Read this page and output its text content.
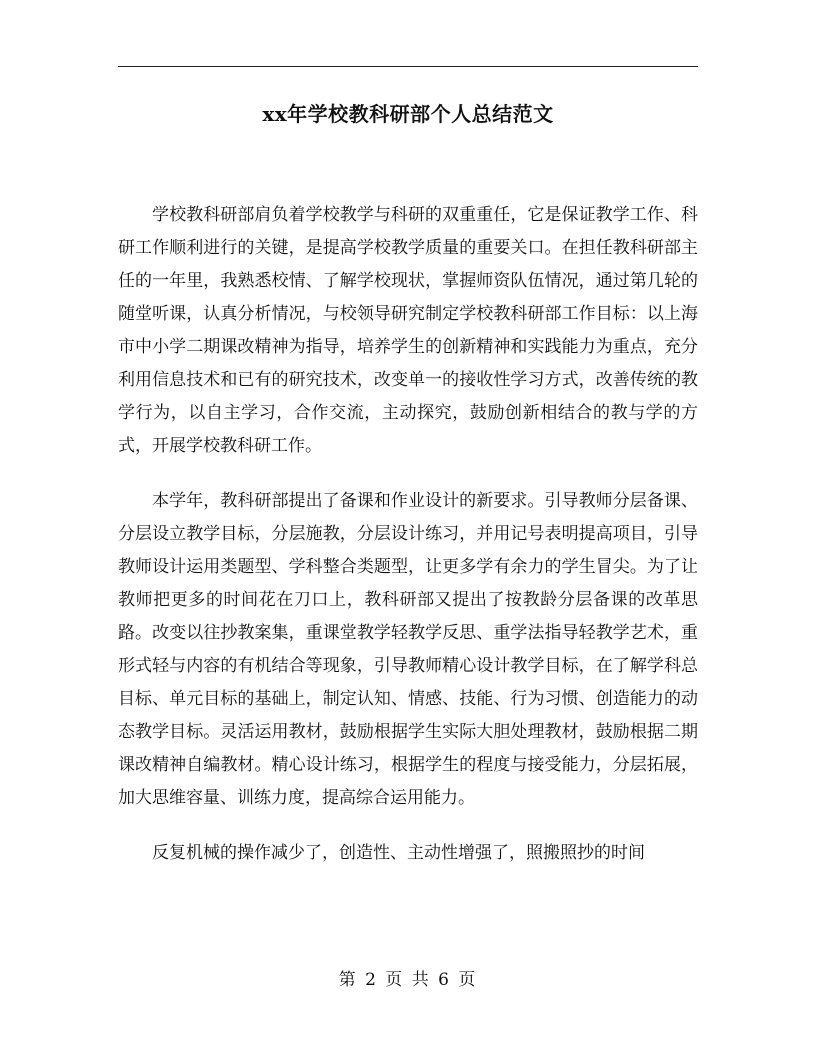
xx年学校教科研部个人总结范文

学校教科研部肩负着学校教学与科研的双重重任，它是保证教学工作、科研工作顺利进行的关键，是提高学校教学质量的重要关口。在担任教科研部主任的一年里，我熟悉校情、了解学校现状，掌握师资队伍情况，通过第几轮的随堂听课，认真分析情况，与校领导研究制定学校教科研部工作目标：以上海市中小学二期课改精神为指导，培养学生的创新精神和实践能力为重点，充分利用信息技术和已有的研究技术，改变单一的接收性学习方式，改善传统的教学行为，以自主学习，合作交流，主动探究，鼓励创新相结合的教与学的方式，开展学校教科研工作。

本学年，教科研部提出了备课和作业设计的新要求。引导教师分层备课、分层设立教学目标，分层施教，分层设计练习，并用记号表明提高项目，引导教师设计运用类题型、学科整合类题型，让更多学有余力的学生冒尖。为了让教师把更多的时间花在刀口上，教科研部又提出了按教龄分层备课的改革思路。改变以往抄教案集，重课堂教学轻教学反思、重学法指导轻教学艺术，重形式轻与内容的有机结合等现象，引导教师精心设计教学目标，在了解学科总目标、单元目标的基础上，制定认知、情感、技能、行为习惯、创造能力的动态教学目标。灵活运用教材，鼓励根据学生实际大胆处理教材，鼓励根据二期课改精神自编教材。精心设计练习，根据学生的程度与接受能力，分层拓展，加大思维容量、训练力度，提高综合运用能力。

反复机械的操作减少了，创造性、主动性增强了，照搬照抄的时间

第 2 页 共 6 页
